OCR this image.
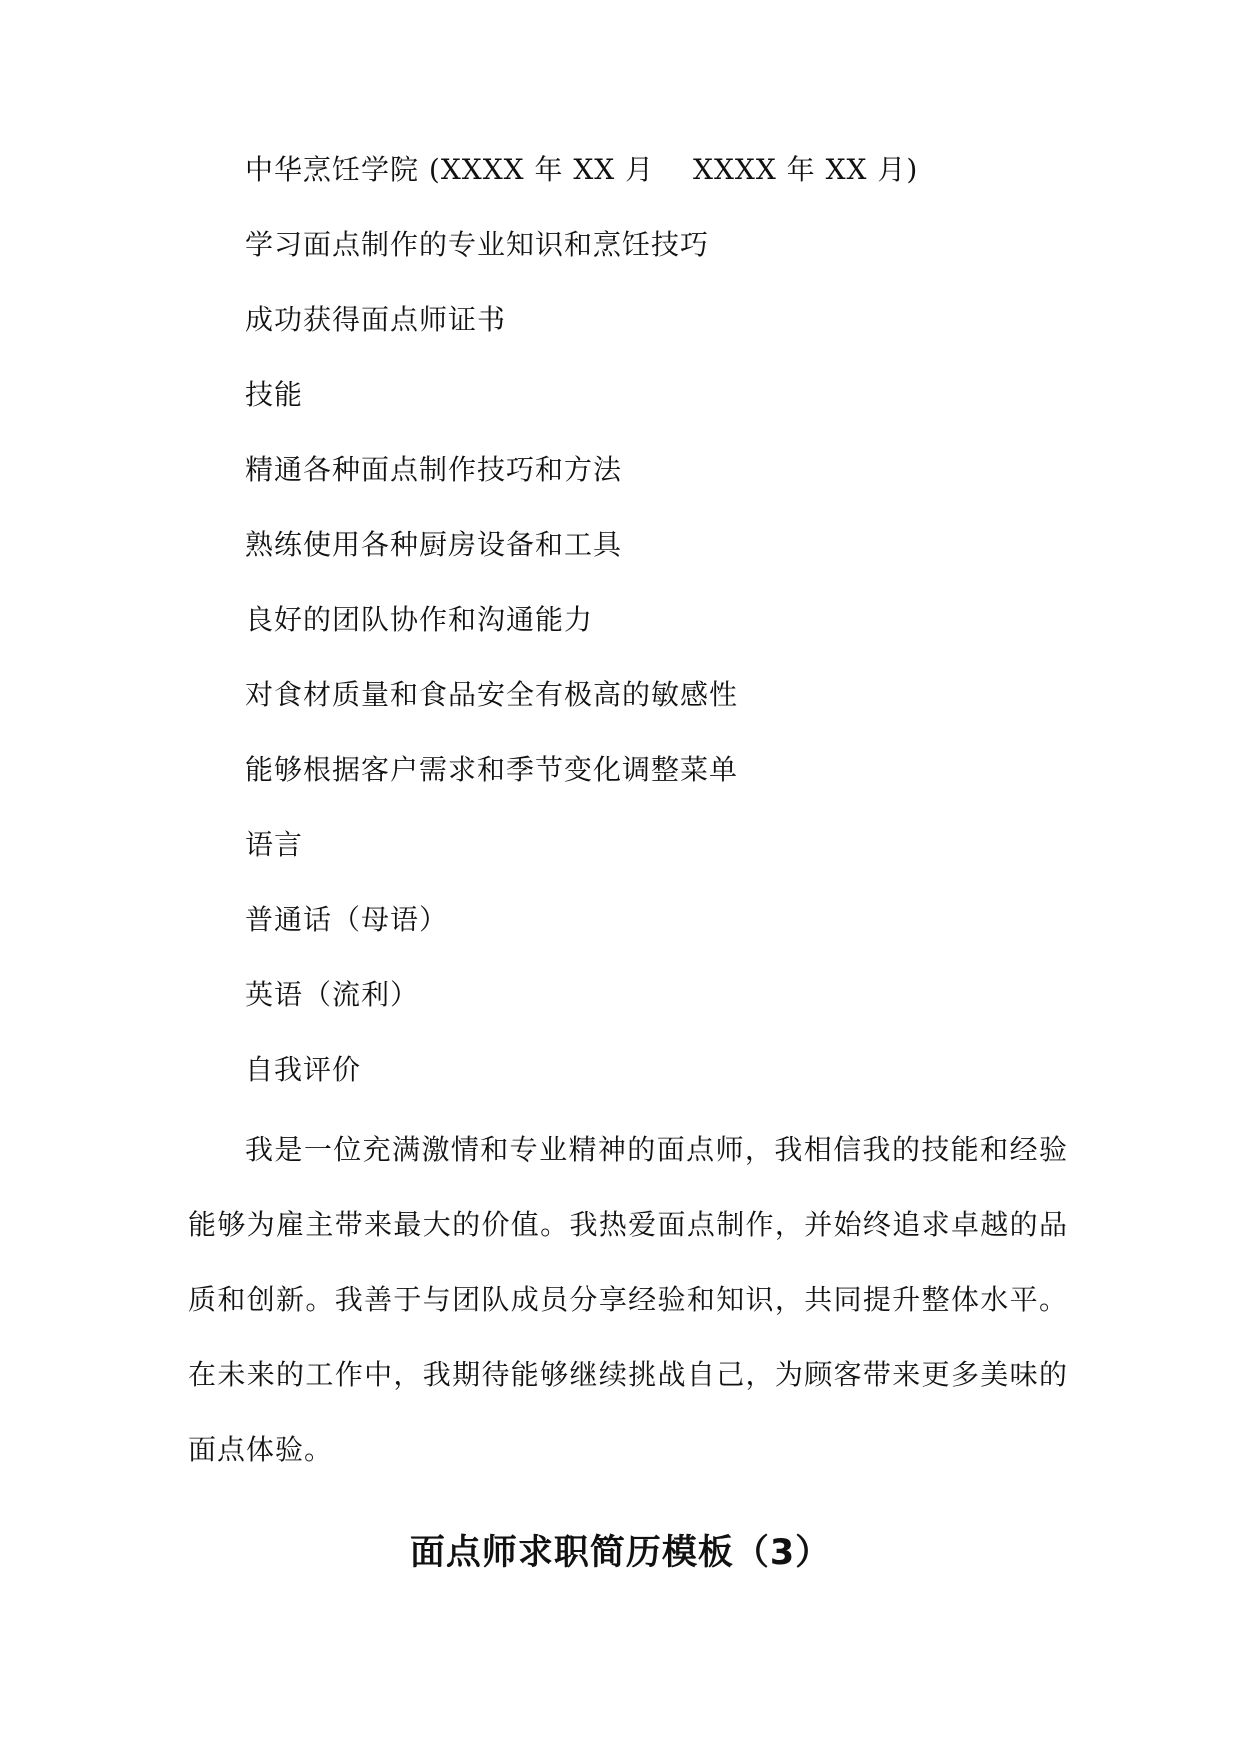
中华烹饪学院 (XXXX 年 XX 月　 XXXX 年 XX 月)
学习面点制作的专业知识和烹饪技巧
成功获得面点师证书
技能
精通各种面点制作技巧和方法
熟练使用各种厨房设备和工具
良好的团队协作和沟通能力
对食材质量和食品安全有极高的敏感性
能够根据客户需求和季节变化调整菜单
语言
普通话（母语）
英语（流利）
自我评价

我是一位充满激情和专业精神的面点师，我相信我的技能和经验能够为雇主带来最大的价值。我热爱面点制作，并始终追求卓越的品质和创新。我善于与团队成员分享经验和知识，共同提升整体水平。在未来的工作中，我期待能够继续挑战自己，为顾客带来更多美味的面点体验。

面点师求职简历模板（3）
